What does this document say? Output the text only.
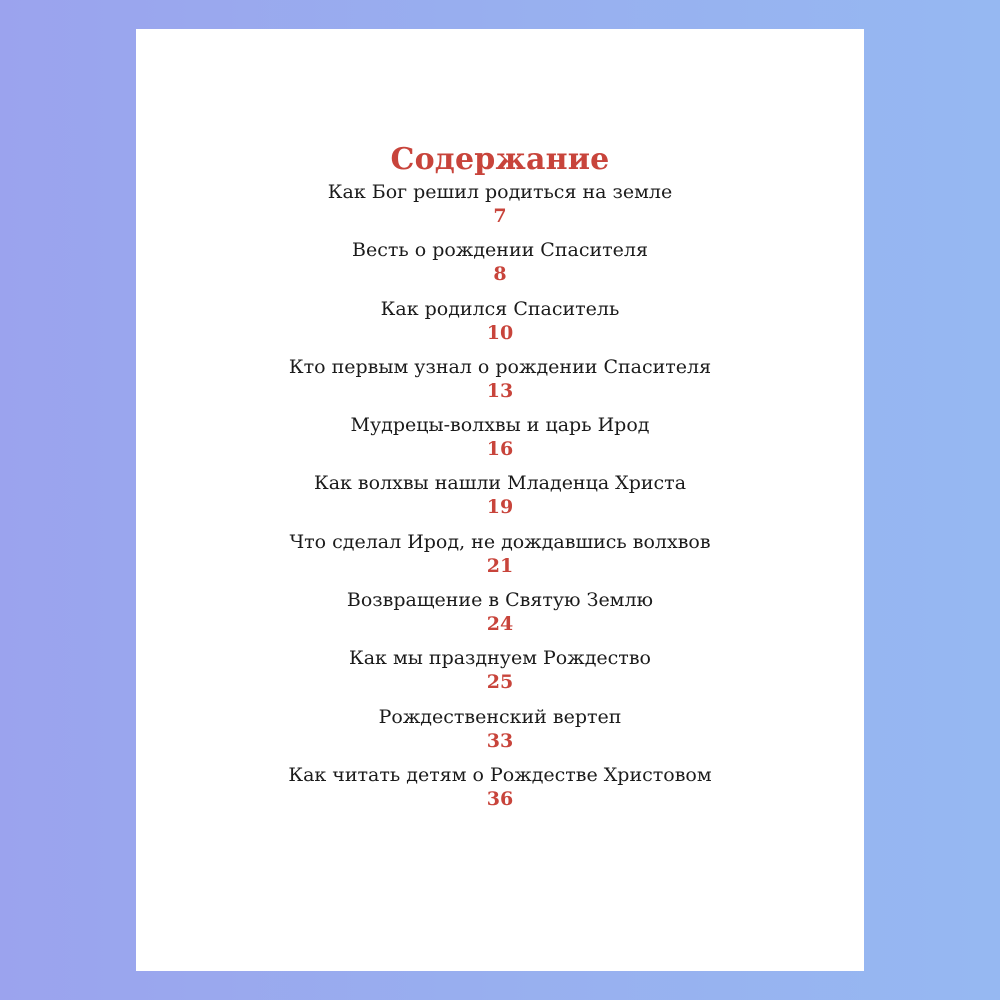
Содержание
Как Бог решил родиться на земле
7
Весть о рождении Спасителя
8
Как родился Спаситель
10
Кто первым узнал о рождении Спасителя
13
Мудрецы-волхвы и царь Ирод
16
Как волхвы нашли Младенца Христа
19
Что сделал Ирод, не дождавшись волхвов
21
Возвращение в Святую Землю
24
Как мы празднуем Рождество
25
Рождественский вертеп
33
Как читать детям о Рождестве Христовом
36
